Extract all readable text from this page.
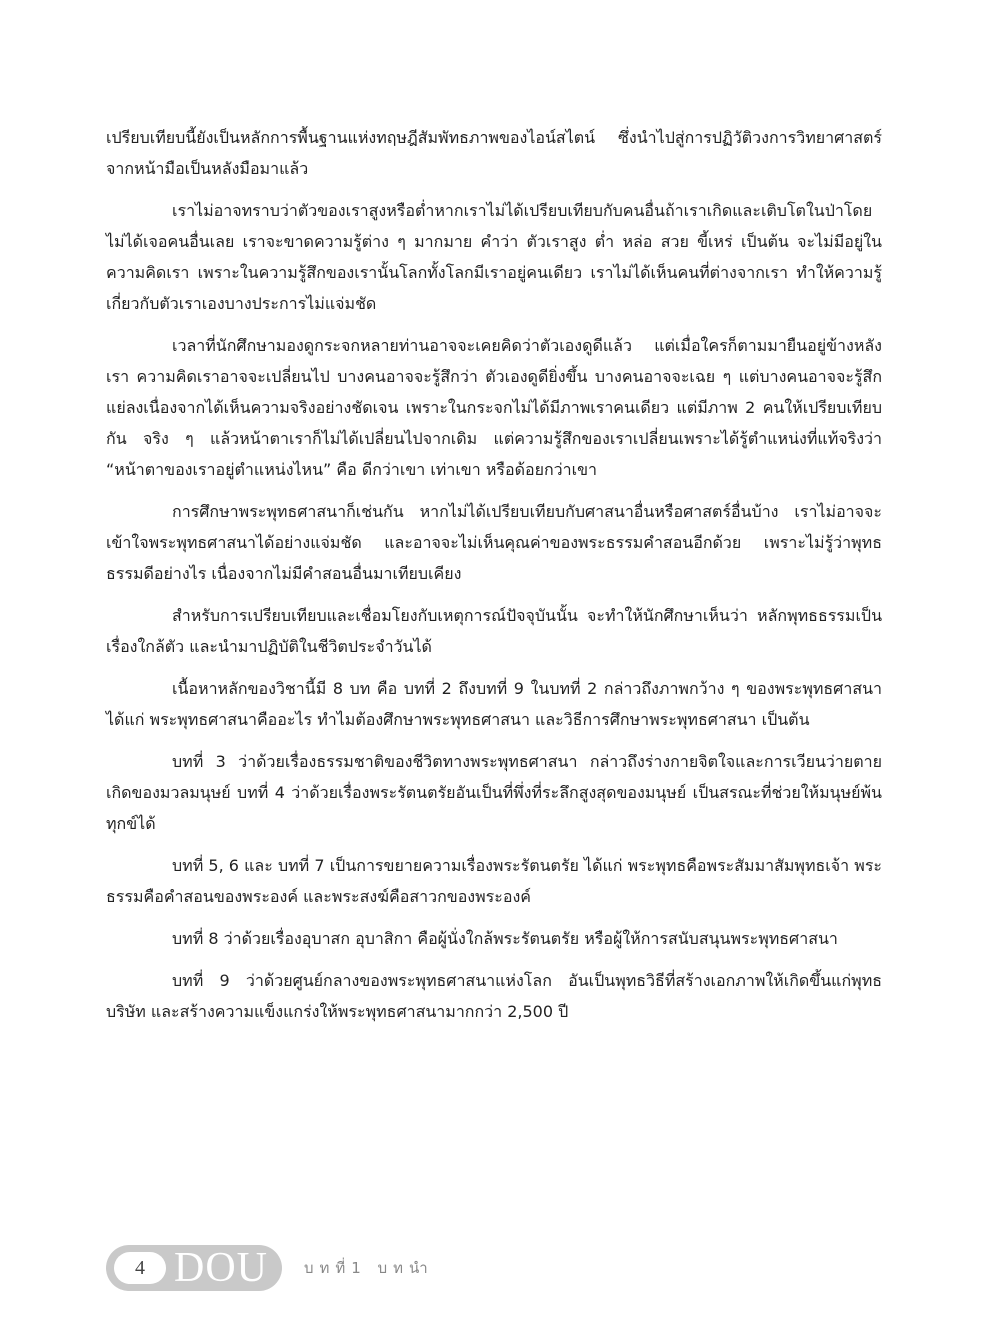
เปรียบเทียบนี้ยังเป็นหลักการพื้นฐานแห่งทฤษฎีสัมพัทธภาพของไอน์สไตน์ ซึ่งนำไปสู่การปฏิวัติวงการวิทยาศาสตร์จากหน้ามือเป็นหลังมือมาแล้ว

เราไม่อาจทราบว่าตัวของเราสูงหรือต่ำหากเราไม่ได้เปรียบเทียบกับคนอื่นถ้าเราเกิดและเติบโตในป่าโดยไม่ได้เจอคนอื่นเลย เราจะขาดความรู้ต่าง ๆ มากมาย คำว่า ตัวเราสูง ต่ำ หล่อ สวย ขี้เหร่ เป็นต้น จะไม่มีอยู่ในความคิดเรา เพราะในความรู้สึกของเรานั้นโลกทั้งโลกมีเราอยู่คนเดียว เราไม่ได้เห็นคนที่ต่างจากเรา ทำให้ความรู้เกี่ยวกับตัวเราเองบางประการไม่แจ่มชัด

เวลาที่นักศึกษามองดูกระจกหลายท่านอาจจะเคยคิดว่าตัวเองดูดีแล้ว แต่เมื่อใครก็ตามมายืนอยู่ข้างหลังเรา ความคิดเราอาจจะเปลี่ยนไป บางคนอาจจะรู้สึกว่า ตัวเองดูดียิ่งขึ้น บางคนอาจจะเฉย ๆ แต่บางคนอาจจะรู้สึกแย่ลงเนื่องจากได้เห็นความจริงอย่างชัดเจน เพราะในกระจกไม่ได้มีภาพเราคนเดียว แต่มีภาพ 2 คนให้เปรียบเทียบกัน จริง ๆ แล้วหน้าตาเราก็ไม่ได้เปลี่ยนไปจากเดิม แต่ความรู้สึกของเราเปลี่ยนเพราะได้รู้ตำแหน่งที่แท้จริงว่า “หน้าตาของเราอยู่ตำแหน่งไหน” คือ ดีกว่าเขา เท่าเขา หรือด้อยกว่าเขา

การศึกษาพระพุทธศาสนาก็เช่นกัน หากไม่ได้เปรียบเทียบกับศาสนาอื่นหรือศาสตร์อื่นบ้าง เราไม่อาจจะเข้าใจพระพุทธศาสนาได้อย่างแจ่มชัด และอาจจะไม่เห็นคุณค่าของพระธรรมคำสอนอีกด้วย เพราะไม่รู้ว่าพุทธธรรมดีอย่างไร เนื่องจากไม่มีคำสอนอื่นมาเทียบเคียง

สำหรับการเปรียบเทียบและเชื่อมโยงกับเหตุการณ์ปัจจุบันนั้น จะทำให้นักศึกษาเห็นว่า หลักพุทธธรรมเป็นเรื่องใกล้ตัว และนำมาปฏิบัติในชีวิตประจำวันได้

เนื้อหาหลักของวิชานี้มี 8 บท คือ บทที่ 2 ถึงบทที่ 9 ในบทที่ 2 กล่าวถึงภาพกว้าง ๆ ของพระพุทธศาสนา ได้แก่ พระพุทธศาสนาคืออะไร ทำไมต้องศึกษาพระพุทธศาสนา และวิธีการศึกษาพระพุทธศาสนา เป็นต้น

บทที่ 3 ว่าด้วยเรื่องธรรมชาติของชีวิตทางพระพุทธศาสนา กล่าวถึงร่างกายจิตใจและการเวียนว่ายตายเกิดของมวลมนุษย์ บทที่ 4 ว่าด้วยเรื่องพระรัตนตรัยอันเป็นที่พึ่งที่ระลึกสูงสุดของมนุษย์ เป็นสรณะที่ช่วยให้มนุษย์พ้นทุกข์ได้

บทที่ 5, 6 และ บทที่ 7 เป็นการขยายความเรื่องพระรัตนตรัย ได้แก่ พระพุทธคือพระสัมมาสัมพุทธเจ้า พระธรรมคือคำสอนของพระองค์ และพระสงฆ์คือสาวกของพระองค์

บทที่ 8 ว่าด้วยเรื่องอุบาสก อุบาสิกา คือผู้นั่งใกล้พระรัตนตรัย หรือผู้ให้การสนับสนุนพระพุทธศาสนา

บทที่ 9 ว่าด้วยศูนย์กลางของพระพุทธศาสนาแห่งโลก อันเป็นพุทธวิธีที่สร้างเอกภาพให้เกิดขึ้นแก่พุทธบริษัท และสร้างความแข็งแกร่งให้พระพุทธศาสนามากกว่า 2,500 ปี

4 DOU บทที่1 บทนำ
